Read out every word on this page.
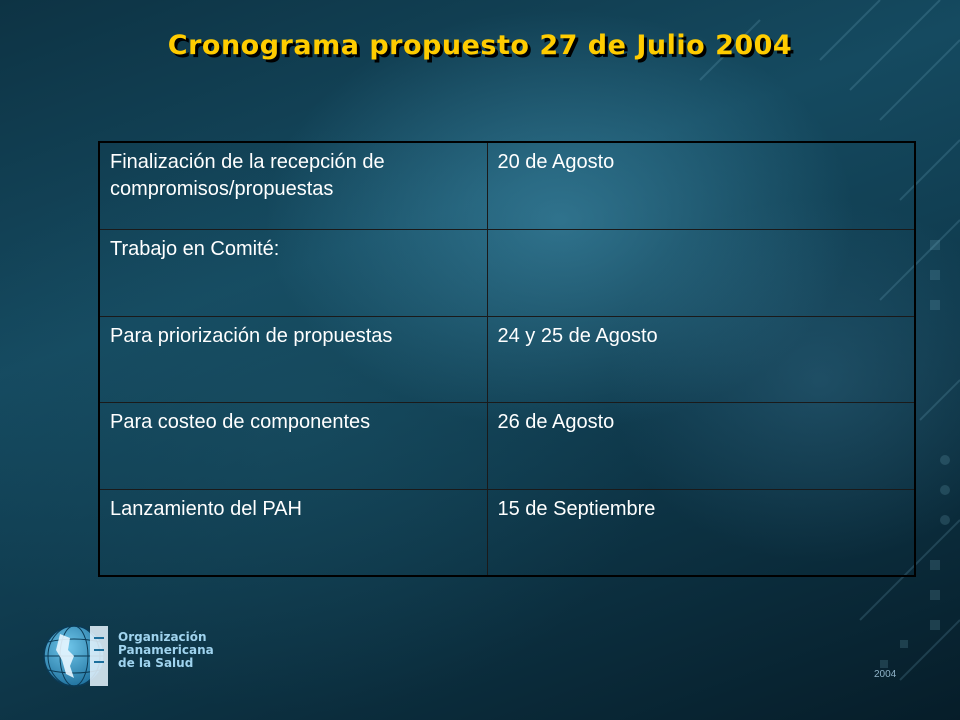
Cronograma propuesto 27 de Julio 2004
Finalización de la recepción de compromisos/propuestas	20 de Agosto
Trabajo en Comité:	
Para priorización de propuestas	24 y 25 de Agosto
Para costeo de componentes	26 de Agosto
Lanzamiento del PAH	15 de Septiembre
Organización
Panamericana
de la Salud
2004
